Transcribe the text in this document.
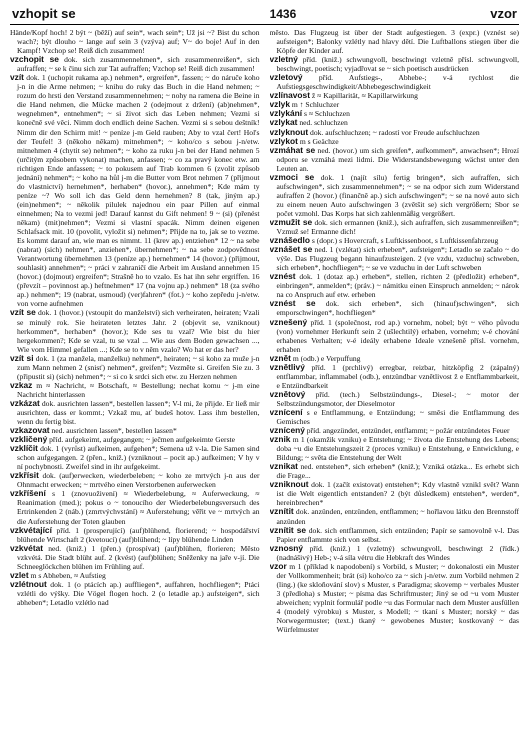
vzhopit se	1436	vzor

Hände/Kopf hoch! 2 být ~ (běží) auf sein*, wach sein*; Už jsi ~? Bist du schon wach?; být dlouho ~ lange auf sein 3 (vzýva) auf; V~ do boje! Auf in den Kampf! Vzchop se! Reiß dich zusammen!

vzchopit se dok. sich zusammennehmen*, sich zusammenreißen*, sich aufraffen; ~ se k činu sich zur Tat aufraffen; Vzchop se! Reiß dich zusammen!

vzít dok. 1 (uchopit rukama ap.) nehmen*, ergreifen*, fassen; ~ do náruče koho j-n in die Arme nehmen; ~ knihu do ruky das Buch in die Hand nehmen; ~ rozum do hrsti den Verstand zusammennehmen; ~ nohy na ramena die Beine in die Hand nehmen, die Mücke machen 2 (odejmout z držení) (ab)nehmen*, wegnehmen*, entnehmen*; ~ si život sich das Leben nehmen; Vezmi si konečně své věci. Nimm doch endlich deine Sachen. Vezmi si s sebou deštník! Nimm dir den Schirm mit! ~ peníze j-m Geld rauben; Aby to vzal čert! Hol's der Teufel! 3 (někoho někam) mitnehmen*; ~ koho/co s sebou j-n/etw. mitnehmen 4 (chytit se) nehmen*; ~ koho za ruku j-n bei der Hand nehmen 5 (určitým způsobem vykonat) machen, anfassen; ~ co za pravý konec etw. am richtigen Ende anfassen; ~ to pokusem auf Trab kommen 6 (zvolit způsob jednání) nehmen*; ~ koho na hůl j-m die Butter vom Brot nehmen 7 (přijmout do vlastnictví) hernehmen*, herhaben* (hovor.), annehmen*; Kde mám ty peníze ~? Wo soll ich das Geld denn hernehmen? 8 (tak, jiným ap.) (ein)nehmen*; ~ několik pilulek najednou ein paar Pillen auf einmal einnehmen; Na to vezmi jed! Darauf kannst du Gift nehmen! 9 ~ (si) (přenést někam) (mit)nehmen*; Vezmi si vlastní spacák. Nimm deinen eigenen Schlafsack mit. 10 (povolit, vyložit si) nehmen*; Přijde na to, jak se to vezme. Es kommt darauf an, wie man es nimmt. 11 (krev ap.) entziehen* 12 ~ na sebe (nabrat) (sich) nehmen*, anziehen*, übernehmen*; ~ na sebe zodpovědnost Verantwortung übernehmen 13 (peníze ap.) hernehmen* 14 (hovor.) (přijmout, souhlasit) annehmen*; ~ práci v zahraničí die Arbeit im Ausland annehmen 15 (hovor.) (dojmout) ergreifen*; Strašně ho to vzalo. Es hat ihn sehr ergriffen. 16 (převzít – povinnost ap.) heftnehmen* 17 (na vojnu ap.) nehmen* 18 (za svého ap.) nehmen*; 19 (nabrat, usmoud) (ver)fahren* (fot.) ~ koho zepředu j-n/etw. von vorne aufnehmen

vzít se dok. 1 (hovor.) (vstoupit do manželství) sich verheiraten, heiraten; Vzali se minulý rok. Sie heirateten letztes Jahr. 2 (objevit se, vzniknout) herkommen*, herhaben* (hovor.); Kde ses tu vzal? Wie bist du hier hergekommen?; Kde se vzal, tu se vzal ... Wie aus dem Boden gewachsen ..., Wie vom Himmel gefallen ...; Kde se to v něm vzalo? Wo hat er das her?

vzít si dok. 1 (za manžela, manželku) nehmen*, heiraten; ~ si koho za muže j-n zum Mann nehmen 2 (snisť) nehmen*, greifen*; Vezměte si. Greifen Sie zu. 3 (připustit si) (sich) nehmen*; ~ si co k srdci sich etw. zu Herzen nehmen

vzkaz m ≈ Nachricht, ≈ Botschaft, ≈ Bestellung; nechat komu ~ j-m eine Nachricht hinterlassen

vzkázat dok. ausrichten lassen*, bestellen lassen*; V-l mi, že přijde. Er ließ mir ausrichten, dass er kommt.; Vzkaž mu, ať budeš hotov. Lass ihm bestellen, wenn du fertig bist.

vzkazovat ned. ausrichten lassen*, bestellen lassen*

vzkličený příd. aufgekeimt, aufgegangen; ~ ječmen aufgekeimte Gerste

vzklíčit dok. 1 (vyrůst) aufkeimen, aufgehen*; Semena už v-la. Die Samen sind schon aufgegangen. 2 (přen., kniž.) (vzniknout – pocit ap.) aufkeimen; V hy v ní pochybnosti. Zweifel sind in ihr aufgekeimt.

vzkřísit dok. (auf)erwecken, wiederbeleben; ~ koho ze mrtvých j-n aus der Ohnmacht erwecken; ~ mrtvého einen Verstorbenen auferwecken

vzkříšení s 1 (znovuoživení) ≈ Wiederbelebung, ≈ Auferweckung, ≈ Reanimation (med.); pokus o ~ tonoucího der Wiederbelebungsversuch des Ertrinkenden 2 (náb.) (zmrtvýchvstání) ≈ Auferstehung; věřit ve ~ mrtvých an die Auferstehung der Toten glauben

vzkvétající příd. 1 (prosperující) (auf)blühend, florierend; ~ hospodářství blühende Wirtschaft 2 (kvetoucí) (auf)blühend; ~ lípy blühende Linden

vzkvétat ned. (kniž.) 1 (přen.) (prospívat) (auf)blühen, florieren; Město vzkvétá. Die Stadt blüht auf. 2 (kvést) (auf)blühen; Sněženky na jaře v-jí. Die Schneeglöckchen blühen im Frühling auf.

vzlet m s Abheben, ≈ Aufstieg

vzlétnout dok. 1 (o ptácích ap.) auffliegen*, auffahren, hochfliegen*; Ptáci vzlétli do výšky. Die Vögel flogen hoch. 2 (o letadle ap.) aufsteigen*, sich abheben*; Letadlo vzlétlo nad

město. Das Flugzeug ist über der Stadt aufgestiegen. 3 (expr.) (vznést se) aufsteigen*; Balonky vzlétly nad hlavy dětí. Die Luftballons stiegen über die Köpfe der Kinder auf.

vzletný příd. (kniž.) schwungvoll, beschwingt vzletně přísl. schwungvoll, beschwingt, poetisch; vyjadřovat se ~ sich poetisch ausdrücken

vzletový příd. Aufstiegs-, Abhebe-; v-á rychlost die Aufstiegsgeschwindigkeit/Abhebegeschwindigkeit

vzlínavost ž ≈ Kapillarität, ≈ Kapillarwirkung

vzlyk m ↑ Schluchzer

vzlykání s ≈ Schluchzen

vzlykat ned. schluchzen

vzlyknout dok. aufschluchzen; ~ radostí vor Freude aufschluchzen

vzlykot m s Geächze

vzmáhat se ned. (hovor.) um sich greifen*, aufkommen*, anwachsen*; Hrozí odporu se vzmáhá mezi lidmi. Die Widerstandsbewegung wächst unter den Leuten an.

vzmoci se dok. 1 (najít sílu) fertig bringen*, sich aufraffen, sich aufschwingen*, sich zusammennehmen*; ~ se na odpor sich zum Widerstand aufraffen 2 (hovor.) (finančně ap.) sich aufschwingen*; ~ se na nové auto sich zu einem neuen Auto aufschwingen 3 (zvětšit se) sich vergrößern; Sbor se počet vzmohl. Das Korps hat sich zahlenmäßig vergrößert.

vzmužit se dok. sich ermannen (kniž.), sich aufraffen, sich zusammenreißen*; Vzmuž se! Ermanne dich!

vznášedlo s (dopr.) s Hovercraft, s Luftkissenboot, s Luftkissenfahrzeug

vznášet se ned. 1 (vzlétat) sich erheben*, aufsteigen*; Letadlo se začalo ~ do výše. Das Flugzeug begann hinaufzusteigen. 2 (ve vzdu, vzduchu) schweben, sich erheben*, hochfliegen*; ~ se ve vzduchu in der Luft schweben

vznést dok. 1 (dotaz ap.) erheben*, stellen, richten 2 (předložit) erheben*, einbringen*, anmelden*; (práv.) ~ námitku einen Einspruch anmelden; ~ nárok na co Anspruch auf etw. erheben

vznést se dok. sich erheben*, sich (hinauf)schwingen*, sich emporschwingen*, hochfliegen*

vznešený příd. 1 (společnost, rod ap.) vornehm, nobel; být ~ vého původu (von) vornehmer Herkunft sein 2 (ušlechtilý) erhaben, vornehm; v-é chování erhabenes Verhalten; v-é ideály erhabene Ideale vznešeně přísl. vornehm, erhaben

vznět m (odb.) e Verpuffung

vznětlivý příd. 1 (prchlivý) erregbar, reizbar, hitzköpfig 2 (zápalný) entflammbar, inflammabel (odb.), entzündbar vznětlivost ž e Entflammbarkeit, e Entzündbarkeit

vznětový příd. (tech.) Selbstzündungs-, Diesel-; ~ motor der Selbstzündungsmotor, der Dieselmotor

vznícení s e Entflammung, e Entzündung; ~ směsi die Entflammung des Gemisches

vznícený příd. angezündet, entzündet, entflammt; ~ požár entzündetes Feuer

vznik m 1 (okamžik vzniku) e Entstehung; ~ života die Entstehung des Lebens; doba ~u die Entstehungszeit 2 (proces vzniku) e Entstehung, e Entwicklung, e Bildung; ~ světa die Entstehung der Welt

vznikat ned. entstehen*, sich erheben* (kniž.); Vzniká otázka... Es erhebt sich die Frage...

vzniknout dok. 1 (začít existovat) entstehen*; Kdy vlastně vznikl svět? Wann ist die Welt eigentlich entstanden? 2 (být důsledkem) entstehen*, werden*, hereinbrechen*

vznítit dok. anzünden, entzünden, entflammen; ~ hořlavou látku den Brennstoff anzünden

vznítit se dok. sich entflammen, sich entzünden; Papír se samovolně v-l. Das Papier entflammte sich von selbst.

vznosný příd. (kniž.) 1 (vzletný) schwungvoll, beschwingt 2 (řídk.) (nadnášivý) Heb-; v-á síla vétru die Hebkraft des Windes

vzor m 1 (příklad k napodobení) s Vorbild, s Muster; ~ dokonalosti ein Muster der Vollkommenheit; brát (si) koho/co za ~ sich j-n/etw. zum Vorbild nehmen 2 (ling.) (ke skloňování slov) s Muster, s Paradigma; skovemp ~ verbales Muster 3 (předloha) s Muster; ~ písma das Schriftmuster; Jiný se od ~u vom Muster abweichen; vyplnit formulář podle ~u das Formular nach dem Muster ausfüllen 4 (modelý výrobku) s Muster, s Modell; ~ tkaní s Muster; norský ~ das Norwegermuster; (text.) tkaný ~ gewobenes Muster; kostkovaný ~ das Würfelmuster
